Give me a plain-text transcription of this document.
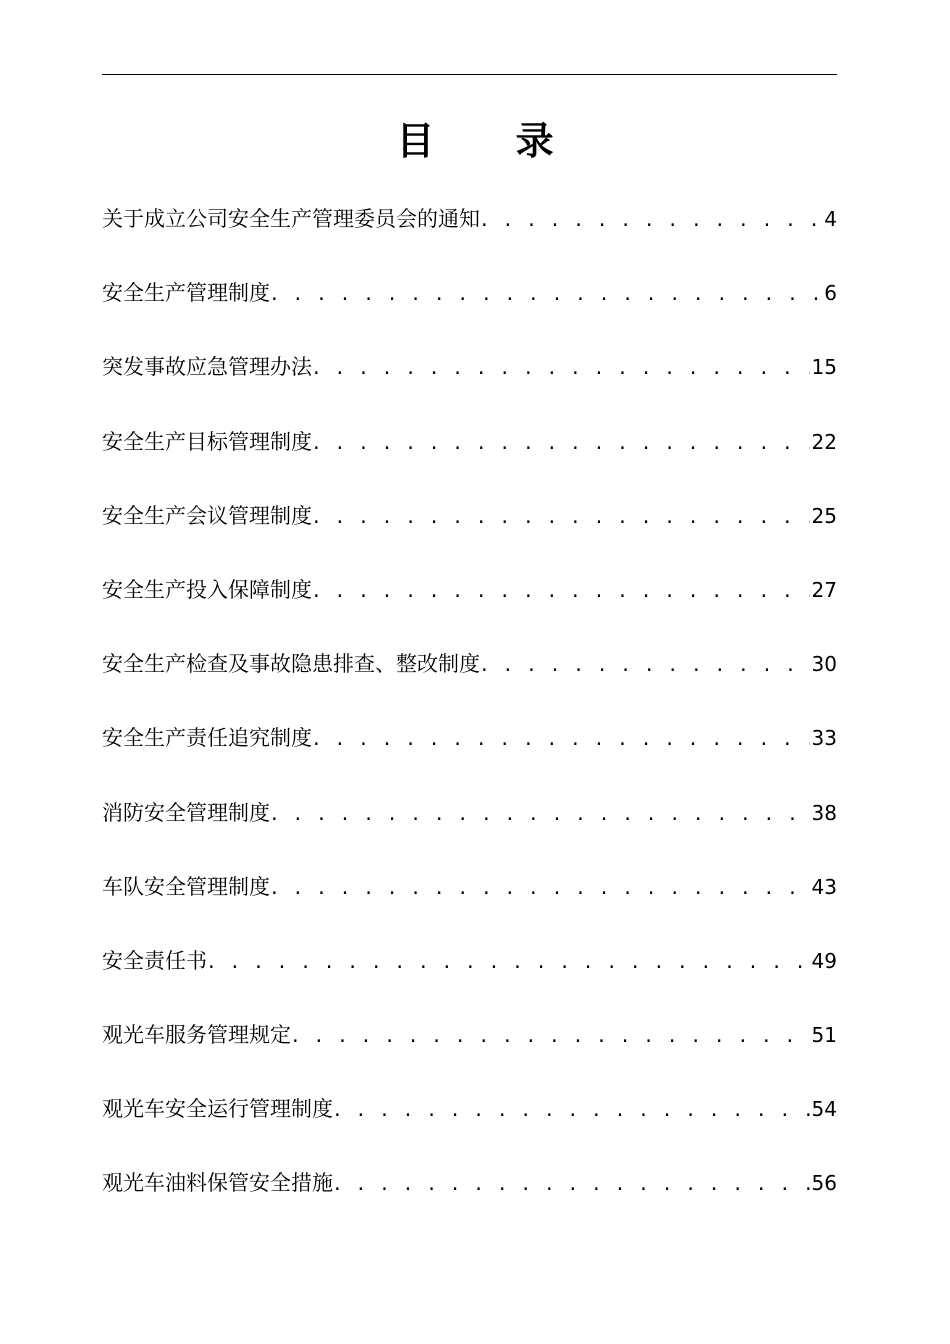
目 录
关于成立公司安全生产管理委员会的通知 . . .	4
安全生产管理制度 . . .	6
突发事故应急管理办法 . . .	15
安全生产目标管理制度 . . .	22
安全生产会议管理制度 . . .	25
安全生产投入保障制度 . . .	27
安全生产检查及事故隐患排查、整改制度 . . .	30
安全生产责任追究制度 . . .	33
消防安全管理制度 . . .	38
车队安全管理制度 . . .	43
安全责任书 . . .	49
观光车服务管理规定 . . .	51
观光车安全运行管理制度 . . .	54
观光车油料保管安全措施 . . .	56
